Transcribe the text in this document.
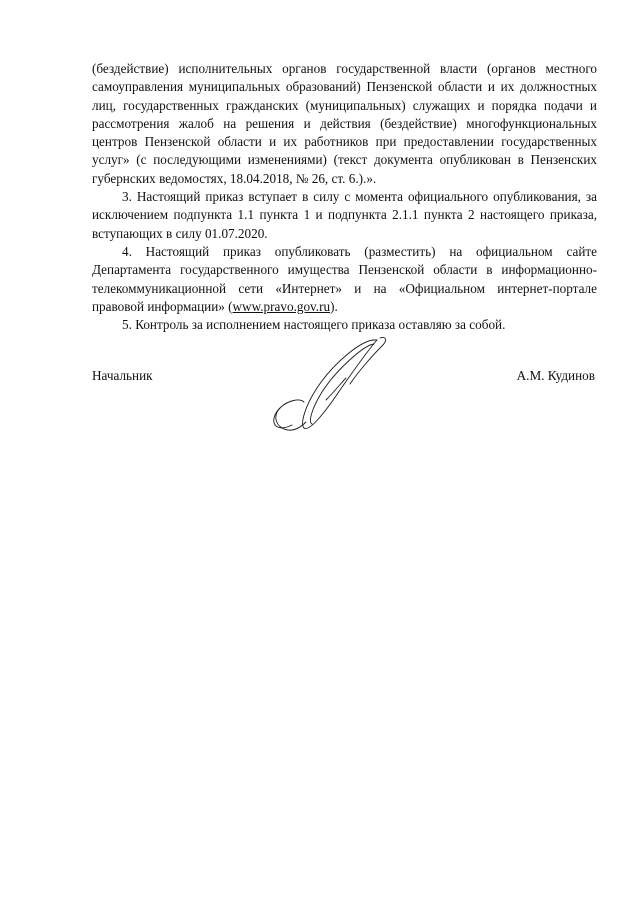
(бездействие) исполнительных органов государственной власти (органов местного самоуправления муниципальных образований) Пензенской области и их должностных лиц, государственных гражданских (муниципальных) служащих и порядка подачи и рассмотрения жалоб на решения и действия (бездействие) многофункциональных центров Пензенской области и их работников при предоставлении государственных услуг» (с последующими изменениями) (текст документа опубликован в Пензенских губернских ведомостях, 18.04.2018, № 26, ст. 6.).».

3. Настоящий приказ вступает в силу с момента официального опубликования, за исключением подпункта 1.1 пункта 1 и подпункта 2.1.1 пункта 2 настоящего приказа, вступающих в силу 01.07.2020.

4. Настоящий приказ опубликовать (разместить) на официальном сайте Департамента государственного имущества Пензенской области в информационно-телекоммуникационной сети «Интернет» и на «Официальном интернет-портале правовой информации» (www.pravo.gov.ru).

5. Контроль за исполнением настоящего приказа оставляю за собой.

Начальник	А.М. Кудинов
